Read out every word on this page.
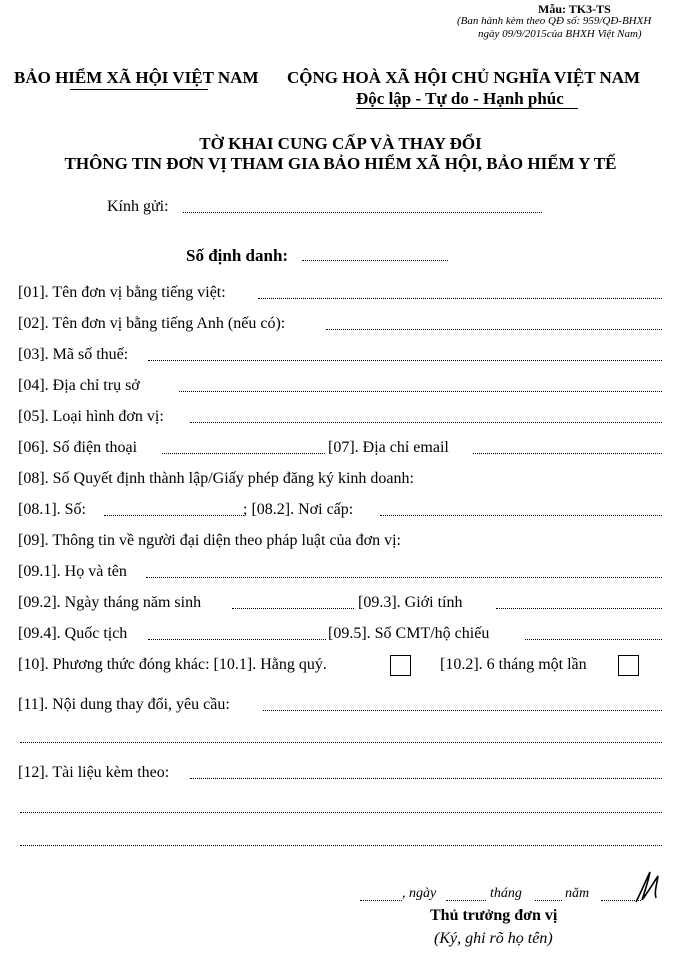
Mẫu: TK3-TS
(Ban hành kèm theo QĐ số: 959/QĐ-BHXH
ngày 09/9/2015của BHXH Việt Nam)
BẢO HIỂM XÃ HỘI VIỆT NAM CỘNG HOÀ XÃ HỘI CHỦ NGHĨA VIỆT NAM
Độc lập - Tự do - Hạnh phúc
TỜ KHAI CUNG CẤP VÀ THAY ĐỔI
THÔNG TIN ĐƠN VỊ THAM GIA BẢO HIỂM XÃ HỘI, BẢO HIỂM Y TẾ
Kính gửi:
Số định danh:
[01]. Tên đơn vị bằng tiếng việt:
[02]. Tên đơn vị bằng tiếng Anh (nếu có):
[03]. Mã số thuế:
[04]. Địa chỉ trụ sở
[05]. Loại hình đơn vị:
[06]. Số điện thoại	[07]. Địa chỉ email
[08]. Số Quyết định thành lập/Giấy phép đăng ký kinh doanh:
[08.1]. Số:	; [08.2]. Nơi cấp:
[09]. Thông tin về người đại diện theo pháp luật của đơn vị:
[09.1]. Họ và tên
[09.2]. Ngày tháng năm sinh	[09.3]. Giới tính
[09.4]. Quốc tịch	[09.5]. Số CMT/hộ chiếu
[10]. Phương thức đóng khác: [10.1]. Hằng quý.	[10.2]. 6 tháng một lần
[11]. Nội dung thay đổi, yêu cầu:
[12]. Tài liệu kèm theo:
, ngày	tháng	năm
Thủ trưởng đơn vị
(Ký, ghi rõ họ tên)
